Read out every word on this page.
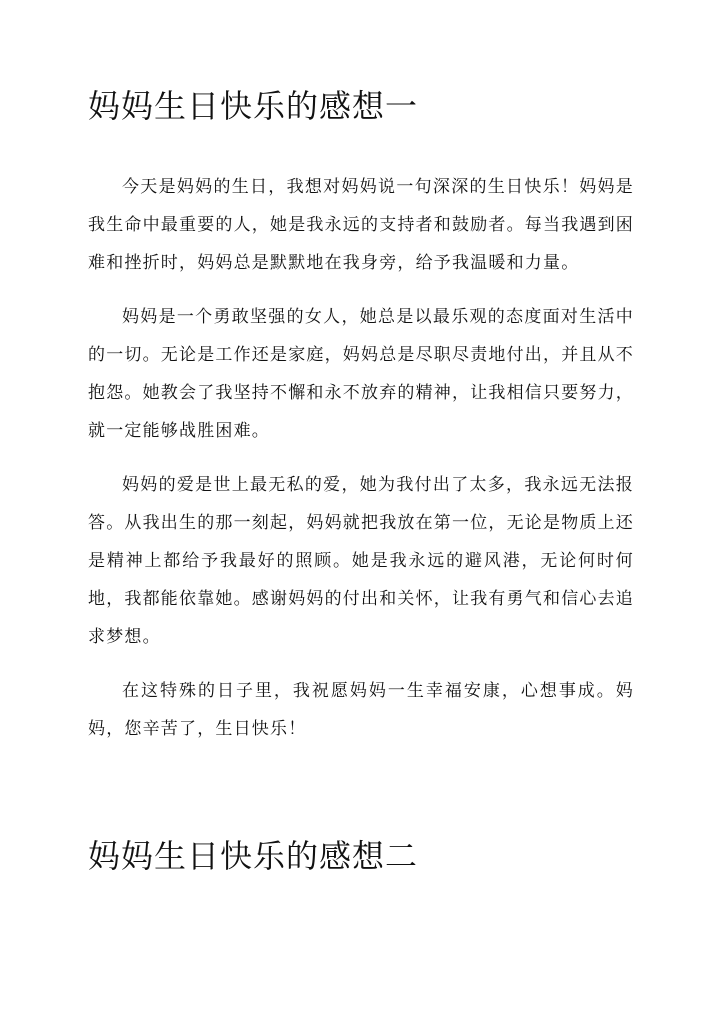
妈妈生日快乐的感想一

今天是妈妈的生日，我想对妈妈说一句深深的生日快乐！妈妈是我生命中最重要的人，她是我永远的支持者和鼓励者。每当我遇到困难和挫折时，妈妈总是默默地在我身旁，给予我温暖和力量。

妈妈是一个勇敢坚强的女人，她总是以最乐观的态度面对生活中的一切。无论是工作还是家庭，妈妈总是尽职尽责地付出，并且从不抱怨。她教会了我坚持不懈和永不放弃的精神，让我相信只要努力，就一定能够战胜困难。

妈妈的爱是世上最无私的爱，她为我付出了太多，我永远无法报答。从我出生的那一刻起，妈妈就把我放在第一位，无论是物质上还是精神上都给予我最好的照顾。她是我永远的避风港，无论何时何地，我都能依靠她。感谢妈妈的付出和关怀，让我有勇气和信心去追求梦想。

在这特殊的日子里，我祝愿妈妈一生幸福安康，心想事成。妈妈，您辛苦了，生日快乐！

妈妈生日快乐的感想二
